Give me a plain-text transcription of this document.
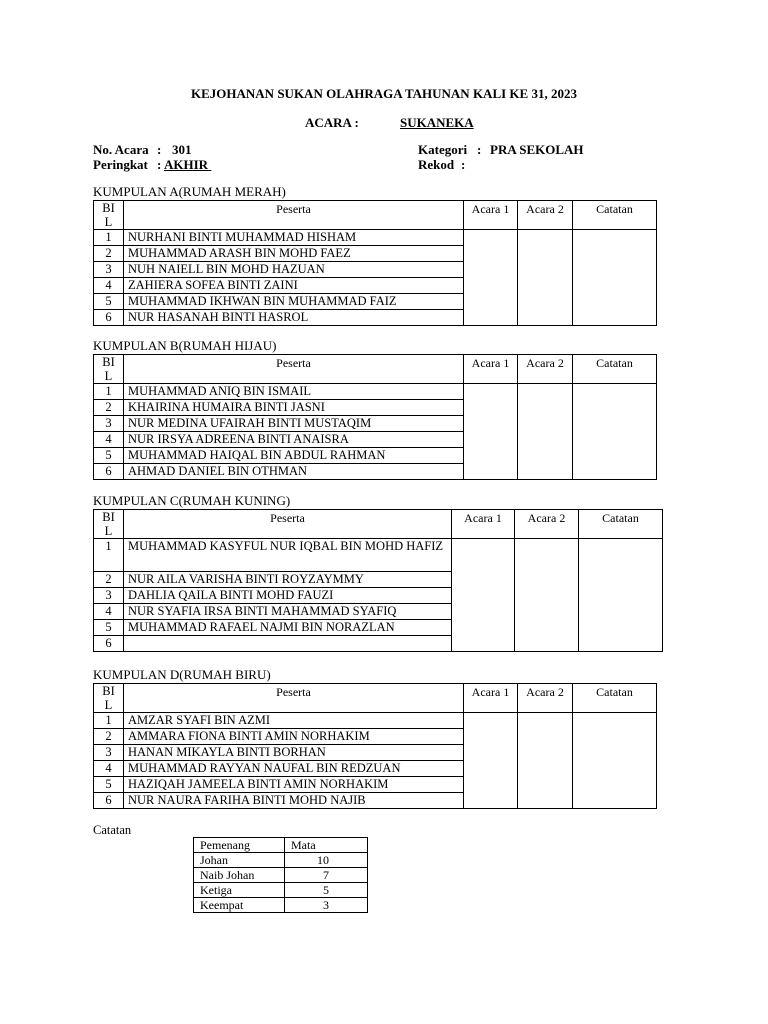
KEJOHANAN SUKAN OLAHRAGA TAHUNAN KALI KE 31, 2023
ACARA :	SUKANEKA
No. Acara : 301
Peringkat : AKHIR
Kategori : PRA SEKOLAH
Rekod :
KUMPULAN A(RUMAH MERAH)
BI
L	Peserta	Acara 1	Acara 2	Catatan
1	NURHANI BINTI MUHAMMAD HISHAM			
2	MUHAMMAD ARASH BIN MOHD FAEZ			
3	NUH NAIELL BIN MOHD HAZUAN			
4	ZAHIERA SOFEA BINTI ZAINI			
5	MUHAMMAD IKHWAN BIN MUHAMMAD FAIZ			
6	NUR HASANAH BINTI HASROL			
KUMPULAN B(RUMAH HIJAU)
BI
L	Peserta	Acara 1	Acara 2	Catatan
1	MUHAMMAD ANIQ BIN ISMAIL			
2	KHAIRINA HUMAIRA BINTI JASNI			
3	NUR MEDINA UFAIRAH BINTI MUSTAQIM			
4	NUR IRSYA ADREENA BINTI ANAISRA			
5	MUHAMMAD HAIQAL BIN ABDUL RAHMAN			
6	AHMAD DANIEL BIN OTHMAN			
KUMPULAN C(RUMAH KUNING)
BI
L	Peserta	Acara 1	Acara 2	Catatan
1	MUHAMMAD KASYFUL NUR IQBAL BIN MOHD HAFIZ			
2	NUR AILA VARISHA BINTI ROYZAYMMY			
3	DAHLIA QAILA BINTI MOHD FAUZI			
4	NUR SYAFIA IRSA BINTI MAHAMMAD SYAFIQ			
5	MUHAMMAD RAFAEL NAJMI BIN NORAZLAN			
6				
KUMPULAN D(RUMAH BIRU)
BI
L	Peserta	Acara 1	Acara 2	Catatan
1	AMZAR SYAFI BIN AZMI			
2	AMMARA FIONA BINTI AMIN NORHAKIM			
3	HANAN MIKAYLA BINTI BORHAN			
4	MUHAMMAD RAYYAN NAUFAL BIN REDZUAN			
5	HAZIQAH JAMEELA BINTI AMIN NORHAKIM			
6	NUR NAURA FARIHA BINTI MOHD NAJIB			
Catatan
Pemenang	Mata
Johan	10
Naib Johan	7
Ketiga	5
Keempat	3
